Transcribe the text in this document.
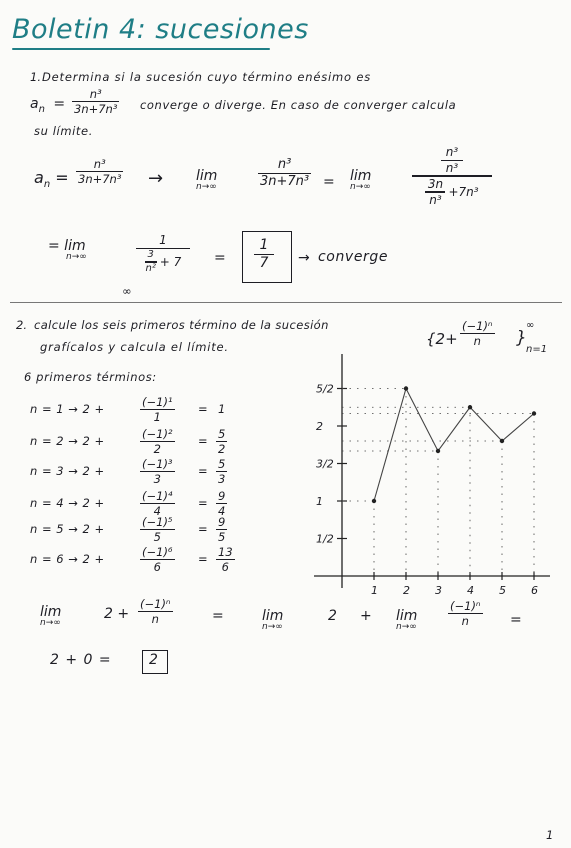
Boletin 4: sucesiones
1. Determina si la sucesión cuyo término enésimo es
$a_n$ =
n³
3n+7n³ converge o diverge. En caso de converger calcula
su límite.
$a_n$ =
n³
3n+7n³ → lim
n→∞
n³
3n+7n³ = lim
n→∞
n³
n³
3n
n³
+7n³
= lim
n→∞
1
3
n² + 7
∞
=
1
7 → converge
2. calcule los seis primeros término de la sucesión
grafícalos y calcula el límite.	{2+
(−1)ⁿ
n }
∞
n=1
6 primeros términos:
n = 1 → 2 +	(−1)¹
1
= 1
n = 2 → 2 +	(−1)²
2
= 5
2
n = 3 → 2 +	(−1)³
3
= 5
3
n = 4 → 2 +	(−1)⁴
4
= 9
4
n = 5 → 2 +	(−1)⁵
5
= 9
5
n = 6 → 2 +	(−1)⁶
6
= 13
6
lim
n→∞
2 +
(−1)ⁿ
n	=	lim
n→∞
2 + lim
n→∞
(−1)ⁿ
n	=
2 + 0 =	2
1/2
1
3/2
2
5/2
1 2 3 4 5 6
1
